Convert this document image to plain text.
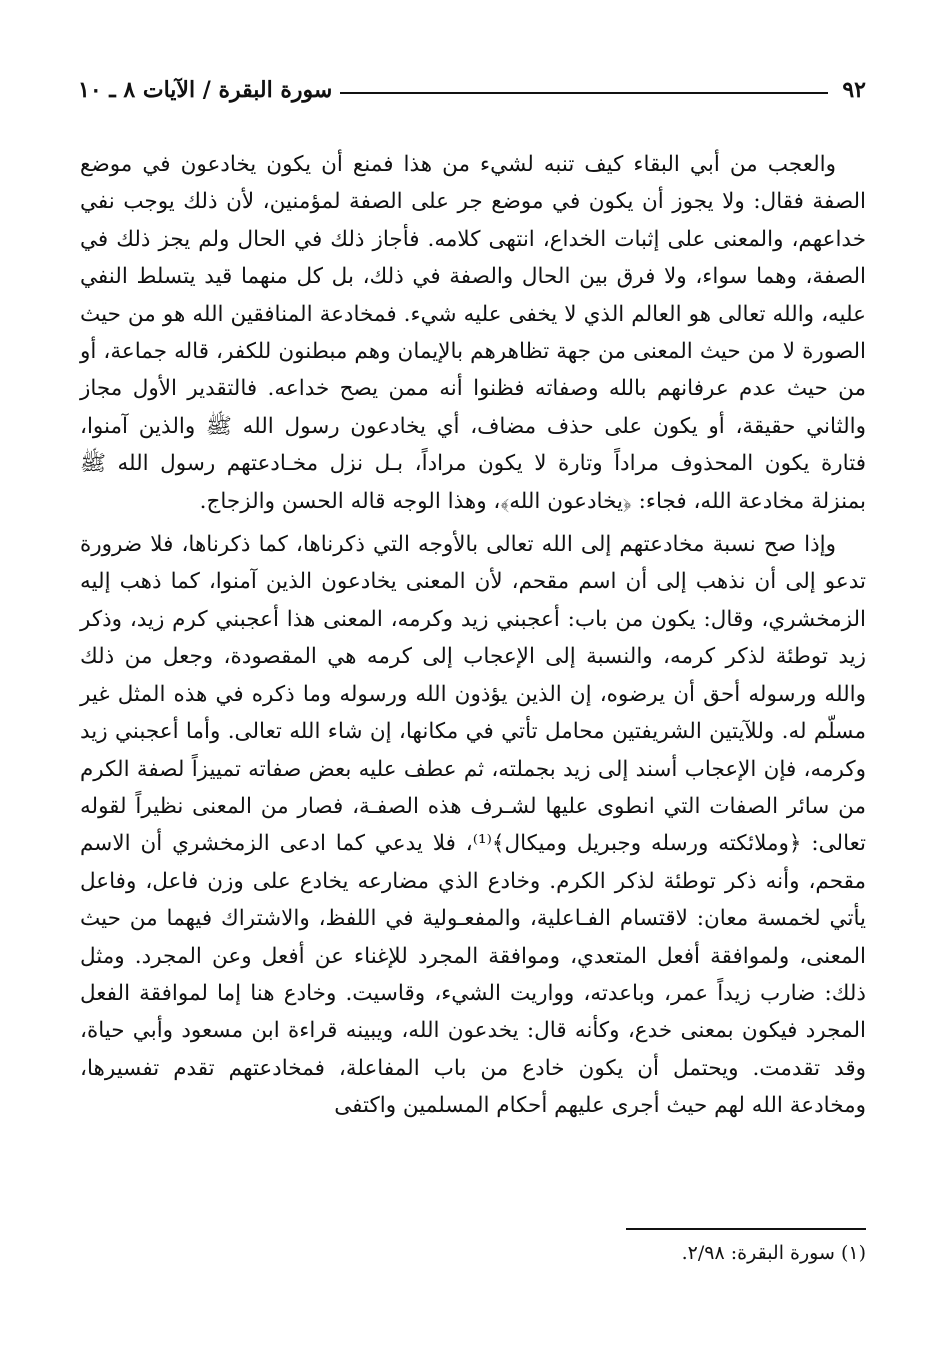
٩٢
سورة البقرة / الآيات ٨ ـ ١٠

والعجب من أبي البقاء كيف تنبه لشيء من هذا فمنع أن يكون يخادعون في موضع الصفة فقال: ولا يجوز أن يكون في موضع جر على الصفة لمؤمنين، لأن ذلك يوجب نفي خداعهم، والمعنى على إثبات الخداع، انتهى كلامه. فأجاز ذلك في الحال ولم يجز ذلك في الصفة، وهما سواء، ولا فرق بين الحال والصفة في ذلك، بل كل منهما قيد يتسلط النفي عليه، والله تعالى هو العالم الذي لا يخفى عليه شيء. فمخادعة المنافقين الله هو من حيث الصورة لا من حيث المعنى من جهة تظاهرهم بالإيمان وهم مبطنون للكفر، قاله جماعة، أو من حيث عدم عرفانهم بالله وصفاته فظنوا أنه ممن يصح خداعه. فالتقدير الأول مجاز والثاني حقيقة، أو يكون على حذف مضاف، أي يخادعون رسول الله ﷺ والذين آمنوا، فتارة يكون المحذوف مراداً وتارة لا يكون مراداً، بـل نزل مخـادعتهم رسول الله ﷺ بمنزلة مخادعة الله، فجاء: ﴿يخادعون الله﴾، وهذا الوجه قاله الحسن والزجاج.

وإذا صح نسبة مخادعتهم إلى الله تعالى بالأوجه التي ذكرناها، كما ذكرناها، فلا ضرورة تدعو إلى أن نذهب إلى أن اسم مقحم، لأن المعنى يخادعون الذين آمنوا، كما ذهب إليه الزمخشري، وقال: يكون من باب: أعجبني زيد وكرمه، المعنى هذا أعجبني كرم زيد، وذكر زيد توطئة لذكر كرمه، والنسبة إلى الإعجاب إلى كرمه هي المقصودة، وجعل من ذلك والله ورسوله أحق أن يرضوه، إن الذين يؤذون الله ورسوله وما ذكره في هذه المثل غير مسلّم له. وللآيتين الشريفتين محامل تأتي في مكانها، إن شاء الله تعالى. وأما أعجبني زيد وكرمه، فإن الإعجاب أسند إلى زيد بجملته، ثم عطف عليه بعض صفاته تمييزاً لصفة الكرم من سائر الصفات التي انطوى عليها لشـرف هذه الصفـة، فصار من المعنى نظيراً لقوله تعالى: ﴿وملائكته ورسله وجبريل وميكال﴾⁽¹⁾، فلا يدعي كما ادعى الزمخشري أن الاسم مقحم، وأنه ذكر توطئة لذكر الكرم. وخادع الذي مضارعه يخادع على وزن فاعل، وفاعل يأتي لخمسة معان: لاقتسام الفـاعلية، والمفعـولية في اللفظ، والاشتراك فيهما من حيث المعنى، ولموافقة أفعل المتعدي، وموافقة المجرد للإغناء عن أفعل وعن المجرد. ومثل ذلك: ضارب زيداً عمر، وباعدته، وواريت الشيء، وقاسيت. وخادع هنا إما لموافقة الفعل المجرد فيكون بمعنى خدع، وكأنه قال: يخدعون الله، ويبينه قراءة ابن مسعود وأبي حياة، وقد تقدمت. ويحتمل أن يكون خادع من باب المفاعلة، فمخادعتهم تقدم تفسيرها، ومخادعة الله لهم حيث أجرى عليهم أحكام المسلمين واكتفى

(١) سورة البقرة: ٢/٩٨.
